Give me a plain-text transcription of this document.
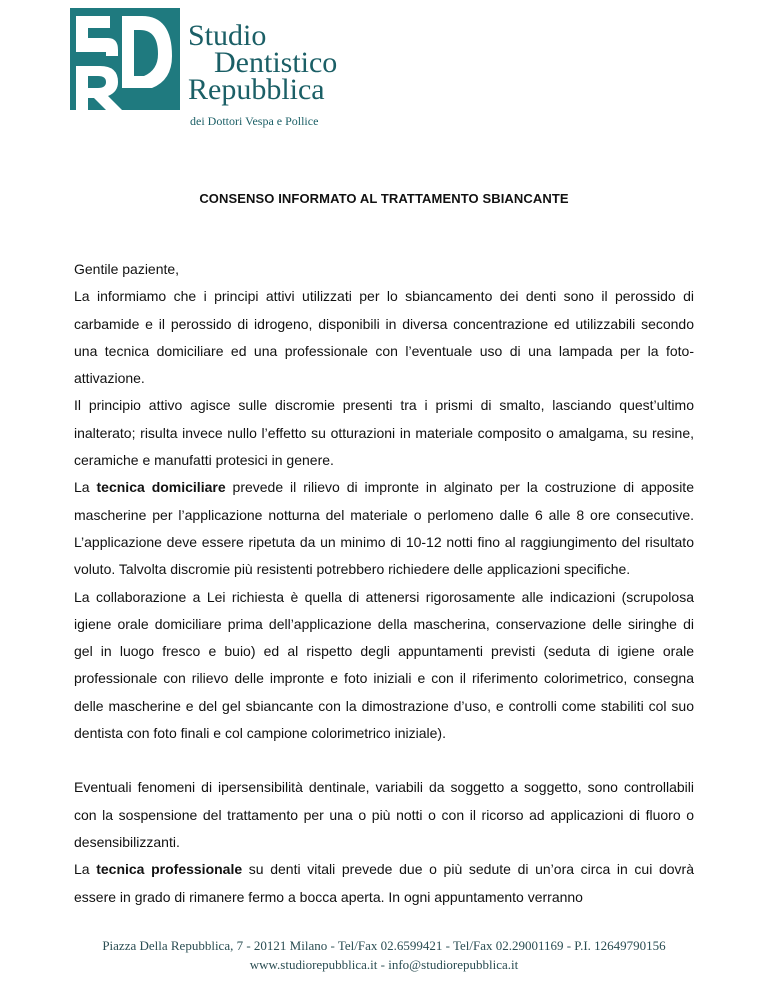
Studio
Dentistico
Repubblica
dei Dottori Vespa e Pollice
CONSENSO INFORMATO AL TRATTAMENTO SBIANCANTE

Gentile paziente,

La informiamo che i principi attivi utilizzati per lo sbiancamento dei denti sono il perossido di carbamide e il perossido di idrogeno, disponibili in diversa concentrazione ed utilizzabili secondo una tecnica domiciliare ed una professionale con l’eventuale uso di una lampada per la foto-attivazione.

Il principio attivo agisce sulle discromie presenti tra i prismi di smalto, lasciando quest’ultimo inalterato; risulta invece nullo l’effetto su otturazioni in materiale composito o amalgama, su resine, ceramiche e manufatti protesici in genere.

La tecnica domiciliare prevede il rilievo di impronte in alginato per la costruzione di apposite mascherine per l’applicazione notturna del materiale o perlomeno dalle 6 alle 8 ore consecutive. L’applicazione deve essere ripetuta da un minimo di 10-12 notti fino al raggiungimento del risultato voluto. Talvolta discromie più resistenti potrebbero richiedere delle applicazioni specifiche.

La collaborazione a Lei richiesta è quella di attenersi rigorosamente alle indicazioni (scrupolosa igiene orale domiciliare prima dell’applicazione della mascherina, conservazione delle siringhe di gel in luogo fresco e buio) ed al rispetto degli appuntamenti previsti (seduta di igiene orale professionale con rilievo delle impronte e foto iniziali e con il riferimento colorimetrico, consegna delle mascherine e del gel sbiancante con la dimostrazione d’uso, e controlli come stabiliti col suo dentista con foto finali e col campione colorimetrico iniziale).

Eventuali fenomeni di ipersensibilità dentinale, variabili da soggetto a soggetto, sono controllabili con la sospensione del trattamento per una o più notti o con il ricorso ad applicazioni di fluoro o desensibilizzanti.

La tecnica professionale su denti vitali prevede due o più sedute di un’ora circa in cui dovrà essere in grado di rimanere fermo a bocca aperta. In ogni appuntamento verranno

Piazza Della Repubblica, 7 - 20121 Milano - Tel/Fax 02.6599421 - Tel/Fax 02.29001169 - P.I. 12649790156
www.studiorepubblica.it - info@studiorepubblica.it
